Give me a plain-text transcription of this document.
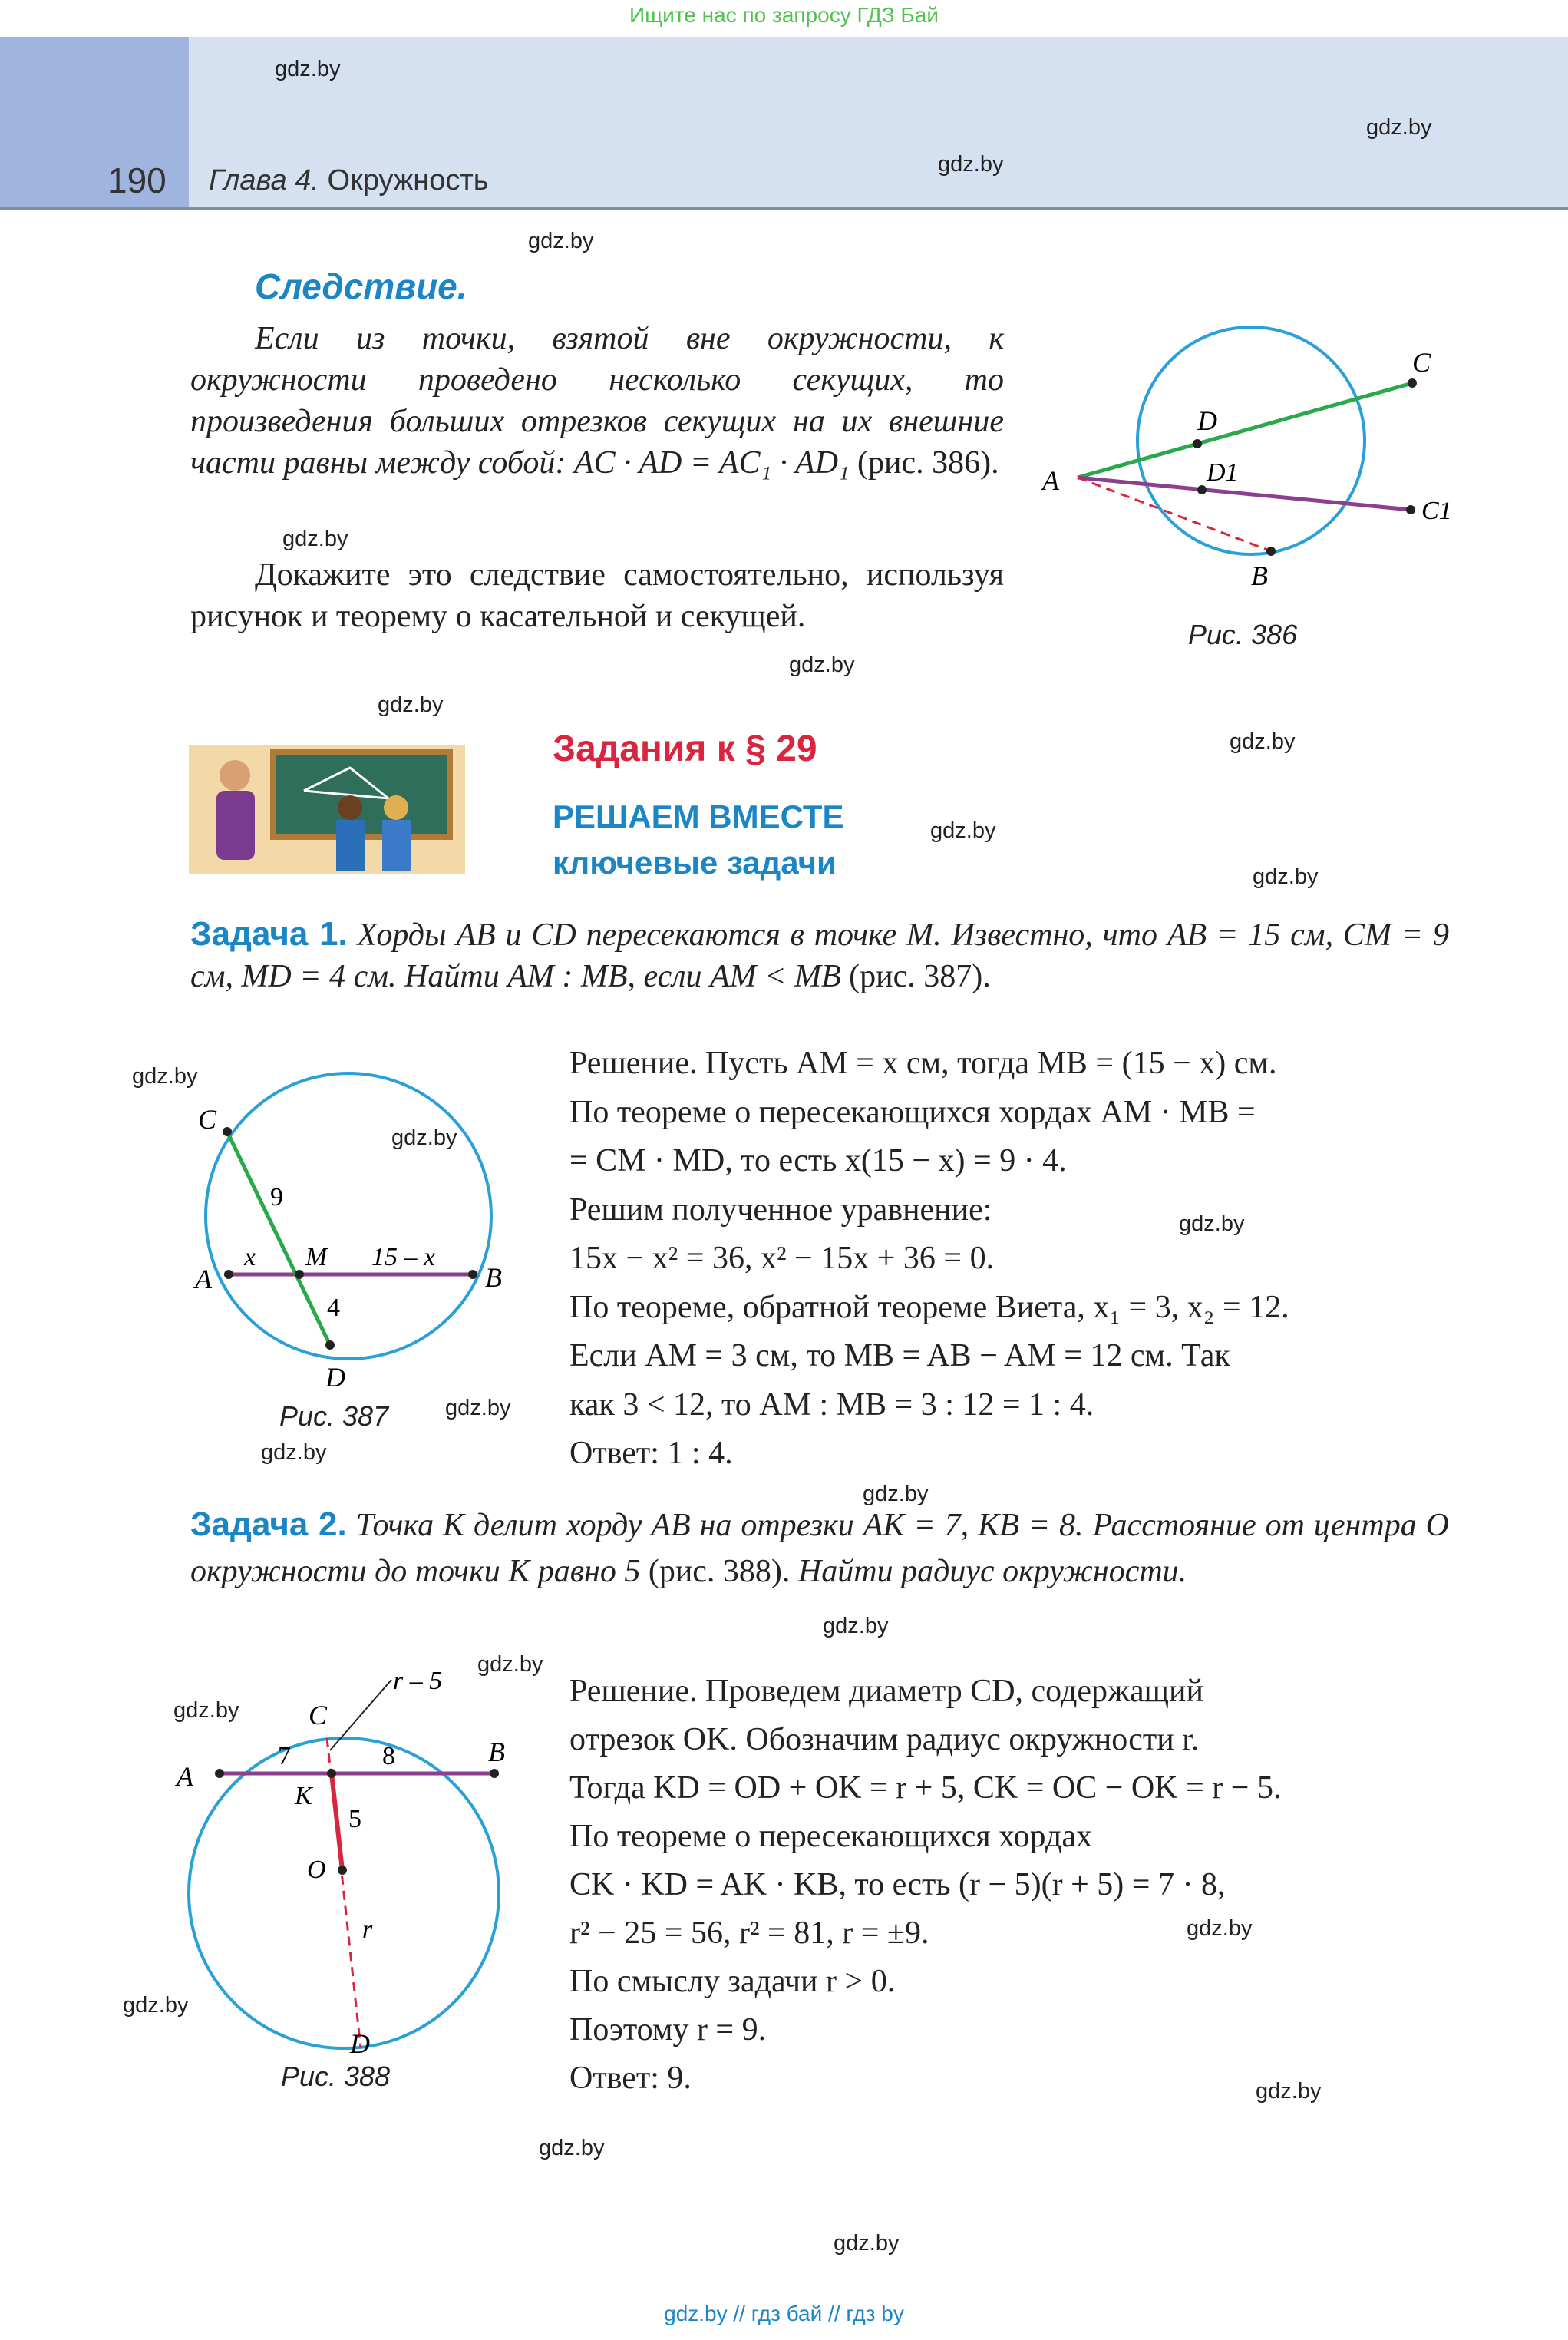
Ищите нас по запросу ГДЗ Бай
190 Глава 4. Окружность
gdz.by
gdz.by
gdz.by
gdz.by
gdz.by
gdz.by
gdz.by
gdz.by
gdz.by
gdz.by
gdz.by
gdz.by
gdz.by
gdz.by
gdz.by
gdz.by
gdz.by
gdz.by
gdz.by
gdz.by
gdz.by
gdz.by
gdz.by
gdz.by
Следствие.
Если из точки, взятой вне окружности, к окружности проведено несколько секущих, то произведения больших отрезков секущих на их внешние части равны между собой: AC · AD = AC₁ · AD₁ (рис. 386).
Докажите это следствие самостоятельно, используя рисунок и теорему о касательной и секущей.
A
C
D
D1
C1
B
Рис. 386
Задания к § 29
РЕШАЕМ ВМЕСТЕ
ключевые задачи
Задача 1. Хорды AB и CD пересекаются в точке M. Известно, что AB = 15 см, CM = 9 см, MD = 4 см. Найти AM : MB, если AM < MB (рис. 387).
A	B
C
D
M
x	15 – x
9
4
Рис. 387
Решение. Пусть AM = x см, тогда MB = (15 − x) см.
По теореме о пересекающихся хордах AM · MB =
= CM · MD, то есть x(15 − x) = 9 · 4.
Решим полученное уравнение:
15x − x² = 36, x² − 15x + 36 = 0.
По теореме, обратной теореме Виета, x₁ = 3, x₂ = 12.
Если AM = 3 см, то MB = AB − AM = 12 см. Так
как 3 < 12, то AM : MB = 3 : 12 = 1 : 4.
Ответ: 1 : 4.
Задача 2. Точка K делит хорду AB на отрезки AK = 7, KB = 8. Расстояние от центра O окружности до точки K равно 5 (рис. 388). Найти радиус окружности.
A
B
C
D
K
O
7	8
5
r
r – 5
Рис. 388
Решение. Проведем диаметр CD, содержащий
отрезок OK. Обозначим радиус окружности r.
Тогда KD = OD + OK = r + 5, CK = OC − OK = r − 5.
По теореме о пересекающихся хордах
CK · KD = AK · KB, то есть (r − 5)(r + 5) = 7 · 8,
r² − 25 = 56, r² = 81, r = ±9.
По смыслу задачи r > 0.
Поэтому r = 9.
Ответ: 9.
gdz.by // гдз бай // гдз by
